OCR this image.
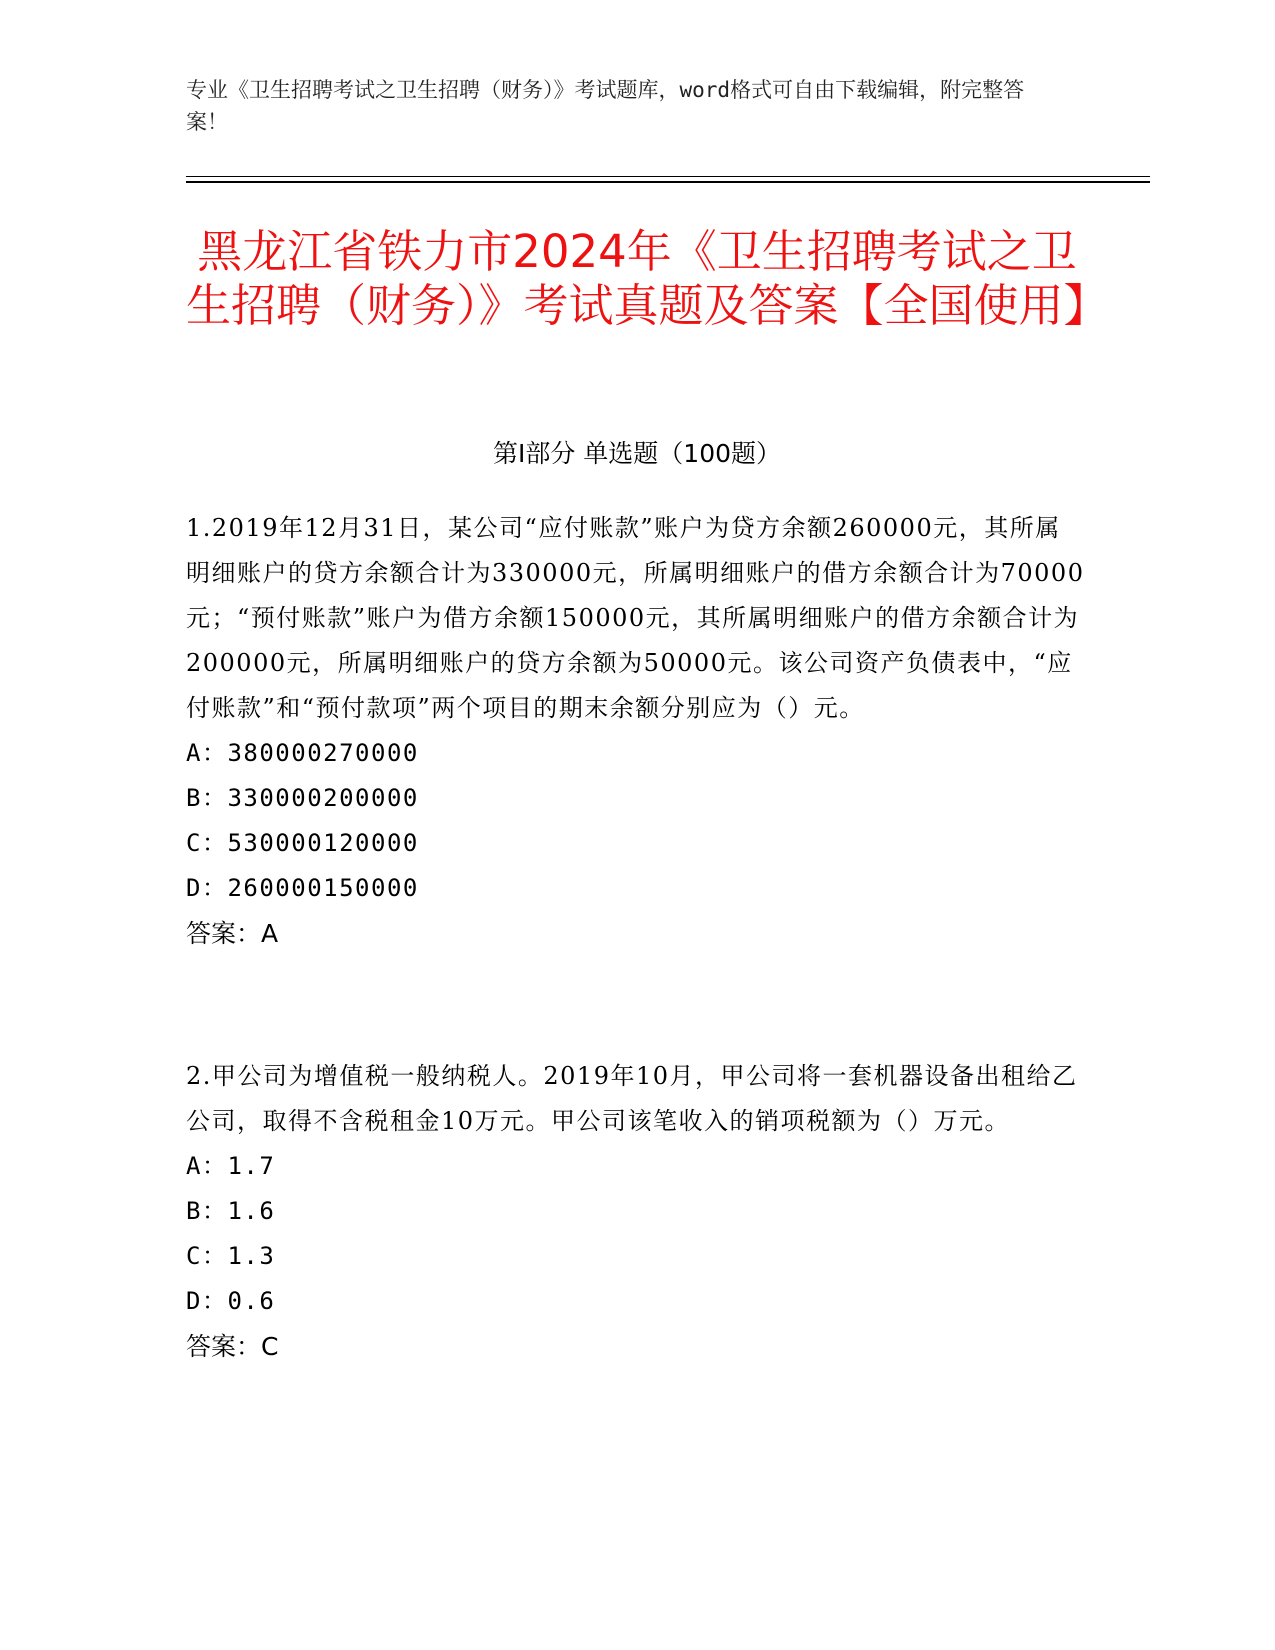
专业《卫生招聘考试之卫生招聘（财务）》考试题库，word格式可自由下载编辑，附完整答案！
黑龙江省铁力市2024年《卫生招聘考试之卫生招聘（财务）》考试真题及答案【全国使用】
第I部分 单选题（100题）

1.2019年12月31日，某公司“应付账款”账户为贷方余额260000元，其所属明细账户的贷方余额合计为330000元，所属明细账户的借方余额合计为70000元；“预付账款”账户为借方余额150000元，其所属明细账户的借方余额合计为200000元，所属明细账户的贷方余额为50000元。该公司资产负债表中，“应付账款”和“预付款项”两个项目的期末余额分别应为（）元。

A：380000270000

B：330000200000

C：530000120000

D：260000150000

答案：A

2.甲公司为增值税一般纳税人。2019年10月，甲公司将一套机器设备出租给乙公司，取得不含税租金10万元。甲公司该笔收入的销项税额为（）万元。

A：1.7

B：1.6

C：1.3

D：0.6

答案：C
